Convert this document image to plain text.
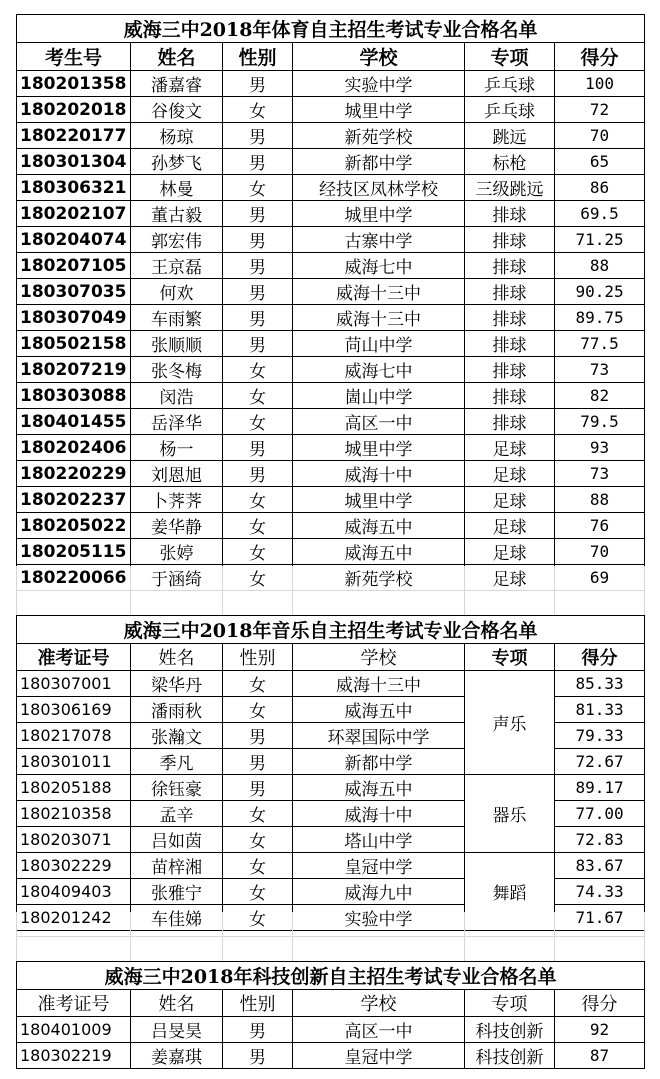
威海三中2018年体育自主招生考试专业合格名单					
考生号	姓名	性别	学校	专项	得分
180201358	潘嘉睿	男	实验中学	乒乓球	100
180202018	谷俊文	女	城里中学	乒乓球	72
180220177	杨琼	男	新苑学校	跳远	70
180301304	孙梦飞	男	新都中学	标枪	65
180306321	林曼	女	经技区凤林学校	三级跳远	86
180202107	董古毅	男	城里中学	排球	69.5
180204074	郭宏伟	男	古寨中学	排球	71.25
180207105	王京磊	男	威海七中	排球	88
180307035	何欢	男	威海十三中	排球	90.25
180307049	车雨繁	男	威海十三中	排球	89.75
180502158	张顺顺	男	苘山中学	排球	77.5
180207219	张冬梅	女	威海七中	排球	73
180303088	闵浩	女	崮山中学	排球	82
180401455	岳泽华	女	高区一中	排球	79.5
180202406	杨一	男	城里中学	足球	93
180220229	刘恩旭	男	威海十中	足球	73
180202237	卜荠荠	女	城里中学	足球	88
180205022	姜华静	女	威海五中	足球	76
180205115	张婷	女	威海五中	足球	70
180220066	于涵绮	女	新苑学校	足球	69
威海三中2018年音乐自主招生考试专业合格名单					
准考证号	姓名	性别	学校	专项	得分
180307001	梁华丹	女	威海十三中	声乐	85.33
180306169	潘雨秋	女	威海五中		81.33
180217078	张瀚文	男	环翠国际中学		79.33
180301011	季凡	男	新都中学		72.67
180205188	徐钰豪	男	威海五中	器乐	89.17
180210358	孟辛	女	威海十中		77.00
180203071	吕如茵	女	塔山中学		72.83
180302229	苗梓湘	女	皇冠中学	舞蹈	83.67
180409403	张雅宁	女	威海九中		74.33
180201242	车佳娣	女	实验中学		71.67
威海三中2018年科技创新自主招生考试专业合格名单					
准考证号	姓名	性别	学校	专项	得分
180401009	吕旻昊	男	高区一中	科技创新	92
180302219	姜嘉琪	男	皇冠中学	科技创新	87
